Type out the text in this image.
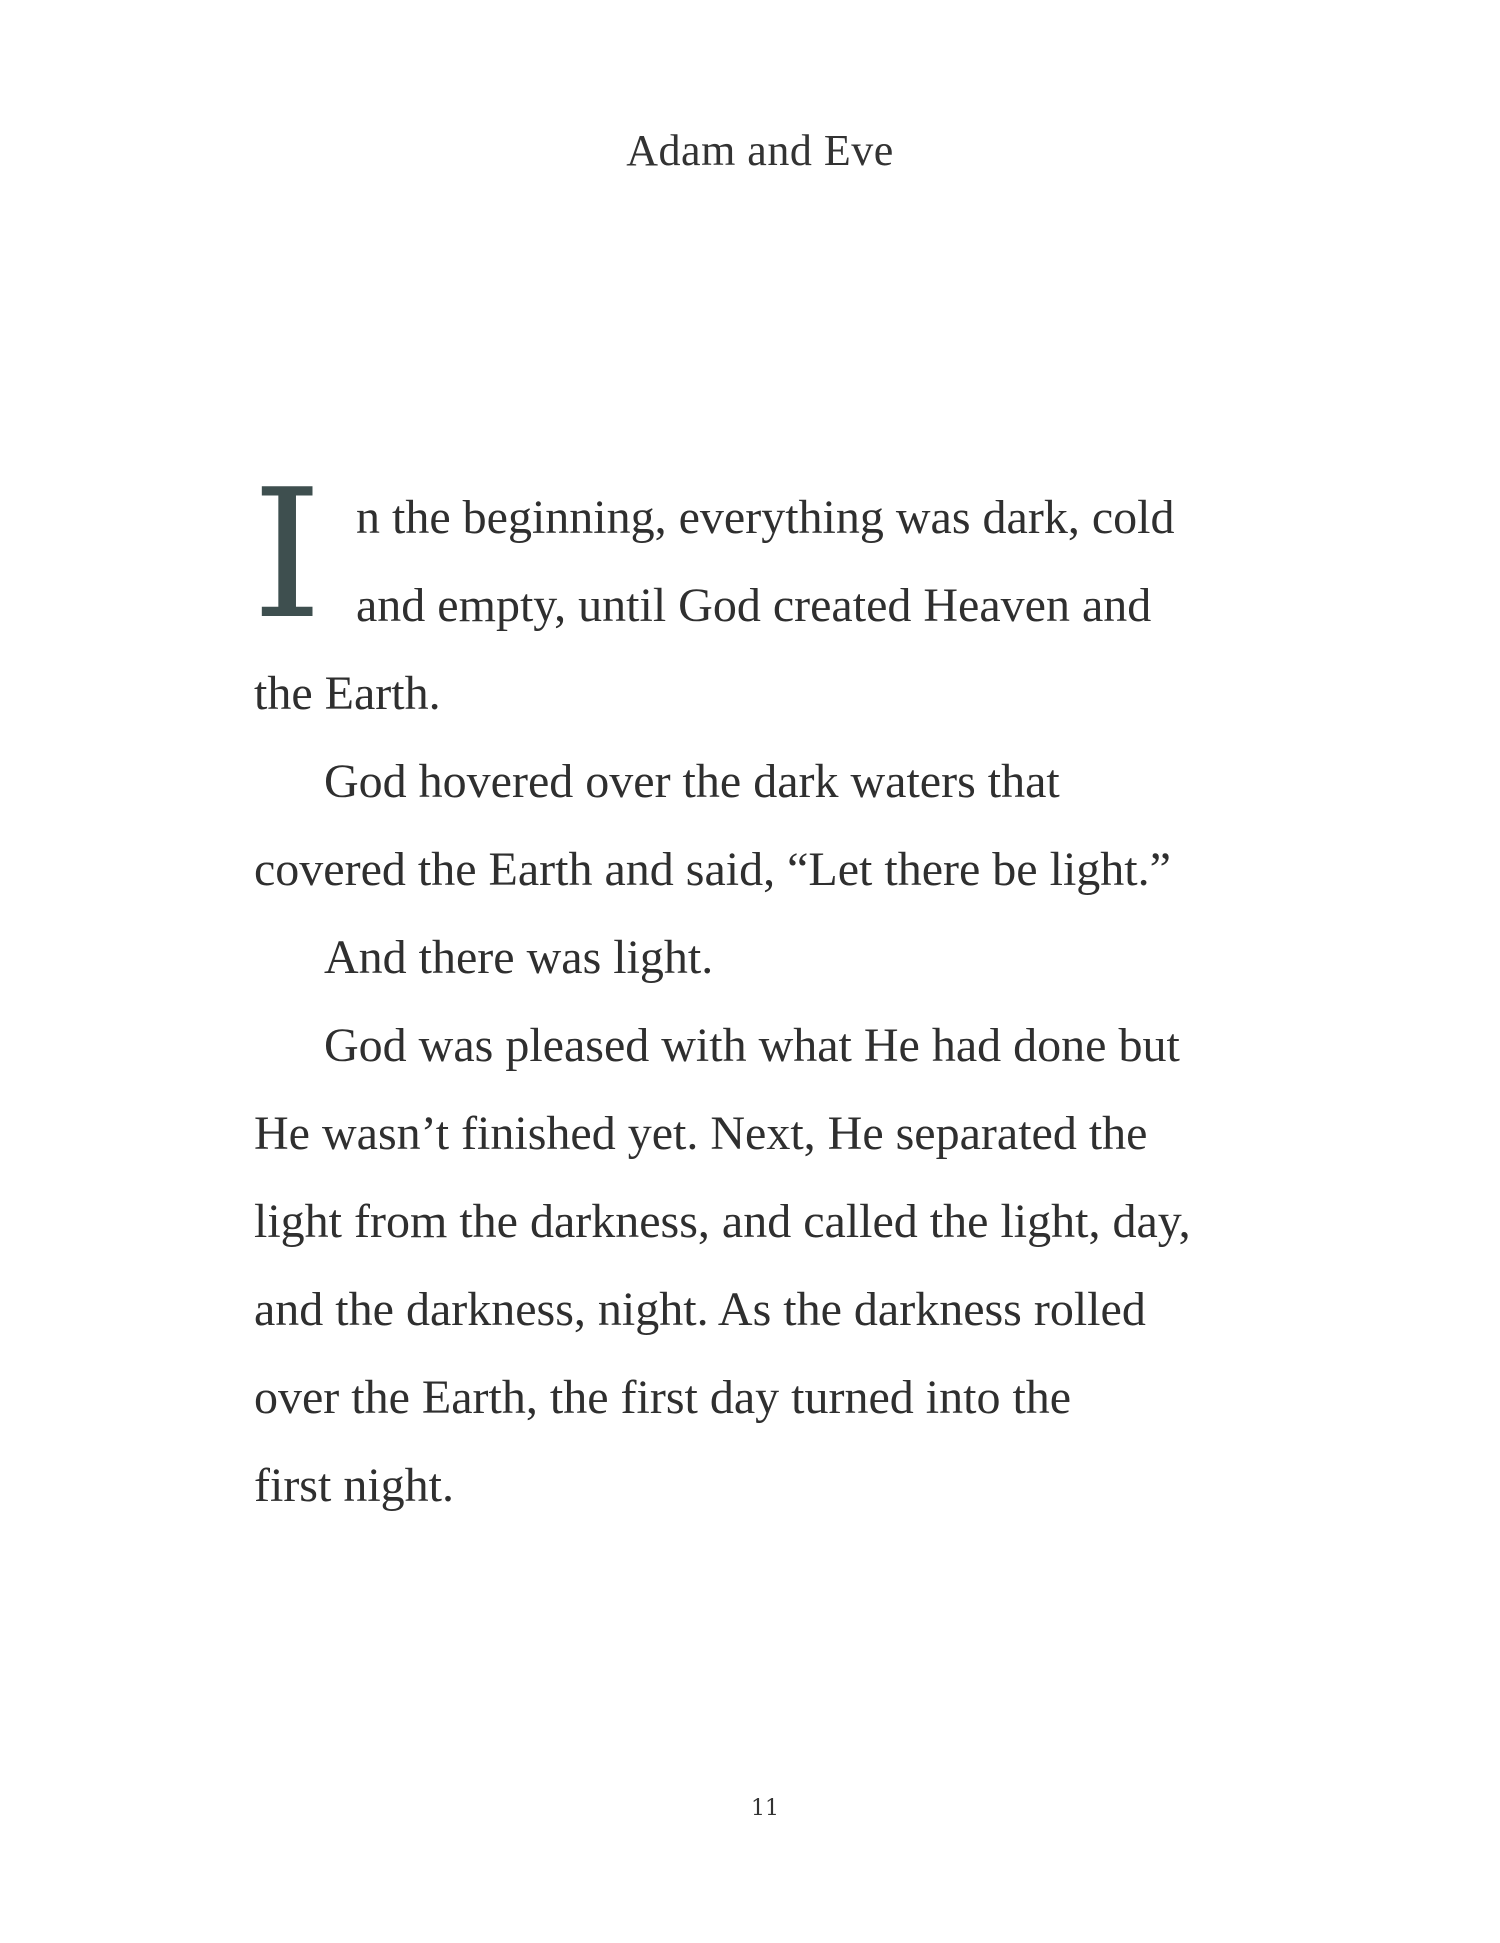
Adam and Eve
I n the beginning, everything was dark, cold
and empty, until God created Heaven and
the Earth.
God hovered over the dark waters that
covered the Earth and said, “Let there be light.”
And there was light.
God was pleased with what He had done but
He wasn’t finished yet. Next, He separated the
light from the darkness, and called the light, day,
and the darkness, night. As the darkness rolled
over the Earth, the first day turned into the
first night.
11
